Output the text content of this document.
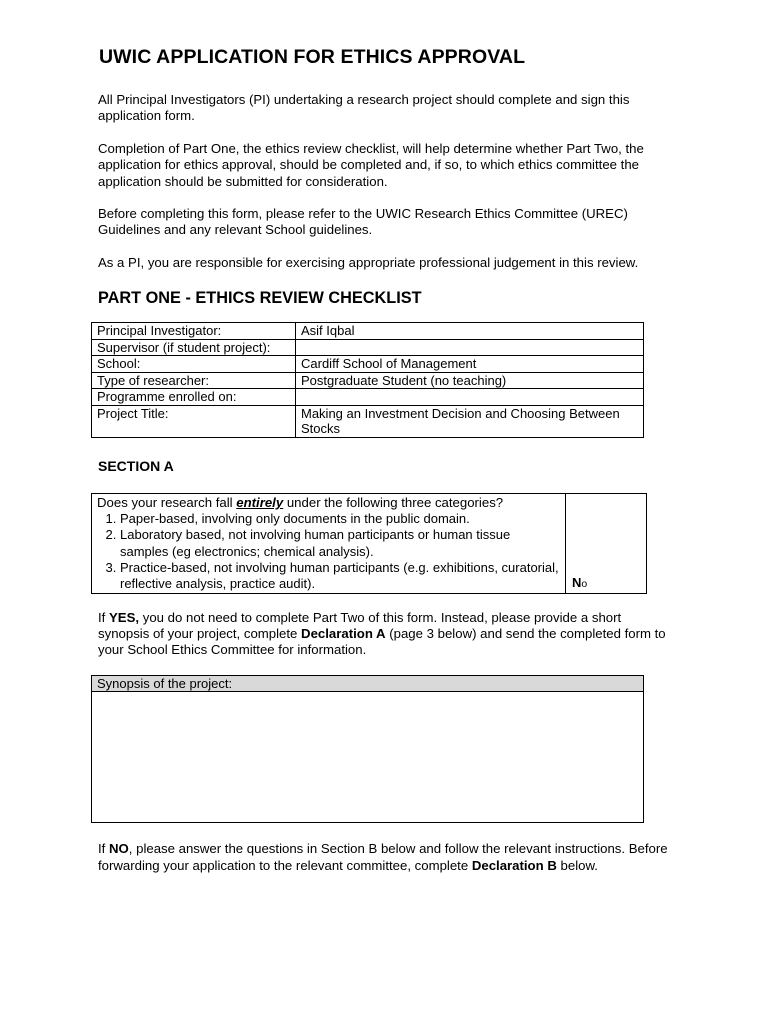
UWIC APPLICATION FOR ETHICS APPROVAL

All Principal Investigators (PI) undertaking a research project should complete and sign this application form.

Completion of Part One, the ethics review checklist, will help determine whether Part Two, the application for ethics approval, should be completed and, if so, to which ethics committee the application should be submitted for consideration.

Before completing this form, please refer to the UWIC Research Ethics Committee (UREC) Guidelines and any relevant School guidelines.

As a PI, you are responsible for exercising appropriate professional judgement in this review.

PART ONE - ETHICS REVIEW CHECKLIST
Principal Investigator:	Asif Iqbal
Supervisor (if student project):	
School:	Cardiff School of Management
Type of researcher:	Postgraduate Student (no teaching)
Programme enrolled on:	
Project Title:	Making an Investment Decision and Choosing Between Stocks
SECTION A

Does your research fall entirely under the following three categories?

1. Paper-based, involving only documents in the public domain.
2. Laboratory based, not involving human participants or human tissue samples (eg electronics; chemical analysis).
3. Practice-based, not involving human participants (e.g. exhibitions, curatorial, reflective analysis, practice audit).	No

If YES, you do not need to complete Part Two of this form. Instead, please provide a short synopsis of your project, complete Declaration A (page 3 below) and send the completed form to your School Ethics Committee for information.

Synopsis of the project:

If NO, please answer the questions in Section B below and follow the relevant instructions. Before forwarding your application to the relevant committee, complete Declaration B below.
